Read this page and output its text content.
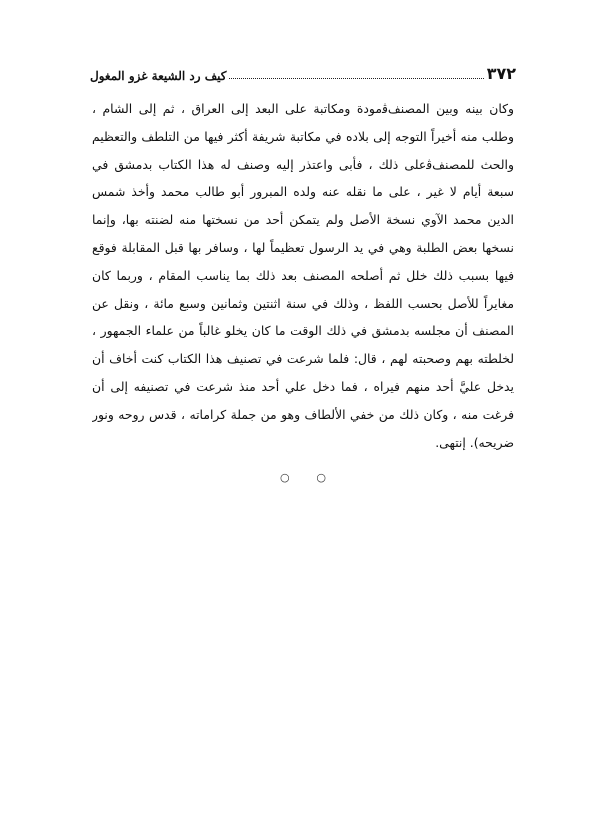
٣٧٢
كيف رد الشيعة غزو المغول
وكان بينه وبين المصنفﭬمودة ومكاتبة على البعد إلى العراق ، ثم إلى الشام ،
وطلب منه أخيراً التوجه إلى بلاده في مكاتبة شريفة أكثر فيها من التلطف والتعظيم
والحث للمصنفﭬعلى ذلك ، فأبى واعتذر إليه وصنف له هذا الكتاب بدمشق في
سبعة أيام لا غير ، على ما نقله عنه ولده المبرور أبو طالب محمد وأخذ شمس
الدين محمد الآوي نسخة الأصل ولم يتمكن أحد من نسختها منه لضنته بها، وإنما
نسخها بعض الطلبة وهي في يد الرسول تعظيماً لها ، وسافر بها قبل المقابلة فوقع
فيها بسبب ذلك خلل ثم أصلحه المصنف بعد ذلك بما يناسب المقام ، وربما كان
مغايراً للأصل بحسب اللفظ ، وذلك في سنة اثنتين وثمانين وسبع مائة ، ونقل عن
المصنف أن مجلسه بدمشق في ذلك الوقت ما كان يخلو غالباً من علماء الجمهور ،
لخلطته بهم وصحبته لهم ، قال: فلما شرعت في تصنيف هذا الكتاب كنت أخاف أن
يدخل عليَّ أحد منهم فيراه ، فما دخل علي أحد منذ شرعت في تصنيفه إلى أن
فرغت منه ، وكان ذلك من خفي الألطاف وهو من جملة كراماته ، قدس روحه ونور
ضريحه). إنتهى.
○ ○
